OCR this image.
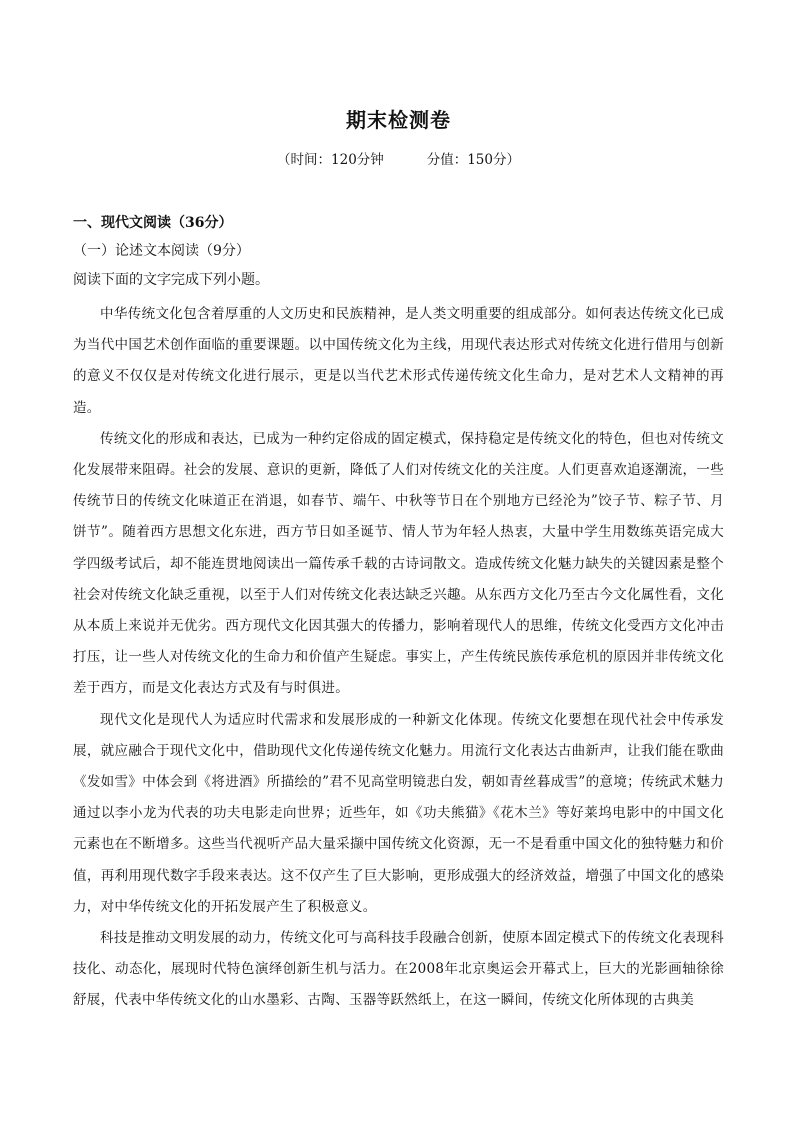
期末检测卷
（时间：120分钟          分值：150分）
一、现代文阅读（36分）
（一）论述文本阅读（9分）
阅读下面的文字完成下列小题。

中华传统文化包含着厚重的人文历史和民族精神，是人类文明重要的组成部分。如何表达传统文化已成为当代中国艺术创作面临的重要课题。以中国传统文化为主线，用现代表达形式对传统文化进行借用与创新的意义不仅仅是对传统文化进行展示，更是以当代艺术形式传递传统文化生命力，是对艺术人文精神的再造。

传统文化的形成和表达，已成为一种约定俗成的固定模式，保持稳定是传统文化的特色，但也对传统文化发展带来阻碍。社会的发展、意识的更新，降低了人们对传统文化的关注度。人们更喜欢追逐潮流，一些传统节日的传统文化味道正在消退，如春节、端午、中秋等节日在个别地方已经沦为”饺子节、粽子节、月饼节”。随着西方思想文化东进，西方节日如圣诞节、情人节为年轻人热衷，大量中学生用数练英语完成大学四级考试后，却不能连贯地阅读出一篇传承千载的古诗词散文。造成传统文化魅力缺失的关键因素是整个社会对传统文化缺乏重视，以至于人们对传统文化表达缺乏兴趣。从东西方文化乃至古今文化属性看，文化从本质上来说并无优劣。西方现代文化因其强大的传播力，影响着现代人的思维，传统文化受西方文化冲击打压，让一些人对传统文化的生命力和价值产生疑虑。事实上，产生传统民族传承危机的原因并非传统文化差于西方，而是文化表达方式及有与时俱进。

现代文化是现代人为适应时代需求和发展形成的一种新文化体现。传统文化要想在现代社会中传承发展，就应融合于现代文化中，借助现代文化传递传统文化魅力。用流行文化表达古曲新声，让我们能在歌曲《发如雪》中体会到《将进酒》所描绘的”君不见高堂明镜悲白发，朝如青丝暮成雪”的意境；传统武术魅力通过以李小龙为代表的功夫电影走向世界；近些年，如《功夫熊猫》《花木兰》等好莱坞电影中的中国文化元素也在不断增多。这些当代视听产品大量采撷中国传统文化资源，无一不是看重中国文化的独特魅力和价值，再利用现代数字手段来表达。这不仅产生了巨大影响，更形成强大的经济效益，增强了中国文化的感染力，对中华传统文化的开拓发展产生了积极意义。

科技是推动文明发展的动力，传统文化可与高科技手段融合创新，使原本固定模式下的传统文化表现科技化、动态化，展现时代特色演绎创新生机与活力。在2008年北京奥运会开幕式上，巨大的光影画轴徐徐舒展，代表中华传统文化的山水墨彩、古陶、玉器等跃然纸上，在这一瞬间，传统文化所体现的古典美
